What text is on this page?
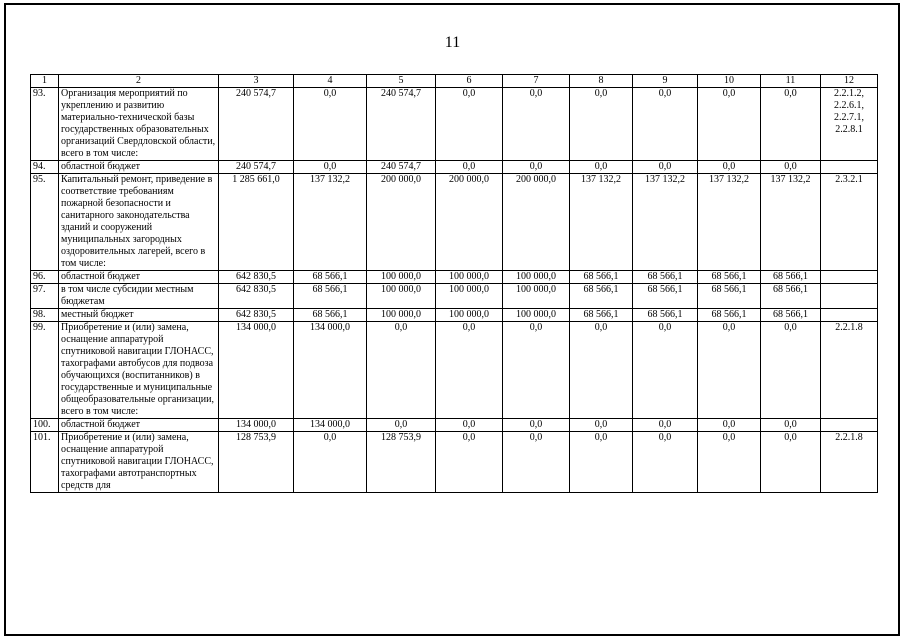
11
1	2	3	4	5	6	7	8	9	10	11	12
93.	Организация мероприятий по укреплению и развитию материально-технической базы государственных образовательных организаций Свердловской области, всего в том числе:	240 574,7	0,0	240 574,7	0,0	0,0	0,0	0,0	0,0	0,0	2.2.1.2,
2.2.6.1,
2.2.7.1,
2.2.8.1
94.	областной бюджет	240 574,7	0,0	240 574,7	0,0	0,0	0,0	0,0	0,0	0,0	
95.	Капитальный ремонт, приведение в соответствие требованиям пожарной безопасности и санитарного законодательства зданий и сооружений муниципальных загородных оздоровительных лагерей, всего в том числе:	1 285 661,0	137 132,2	200 000,0	200 000,0	200 000,0	137 132,2	137 132,2	137 132,2	137 132,2	2.3.2.1
96.	областной бюджет	642 830,5	68 566,1	100 000,0	100 000,0	100 000,0	68 566,1	68 566,1	68 566,1	68 566,1	
97.	в том числе субсидии местным бюджетам	642 830,5	68 566,1	100 000,0	100 000,0	100 000,0	68 566,1	68 566,1	68 566,1	68 566,1	
98.	местный бюджет	642 830,5	68 566,1	100 000,0	100 000,0	100 000,0	68 566,1	68 566,1	68 566,1	68 566,1	
99.	Приобретение и (или) замена, оснащение аппаратурой спутниковой навигации ГЛОНАСС, тахографами автобусов для подвоза обучающихся (воспитанников) в государственные и муниципальные общеобразовательные организации, всего в том числе:	134 000,0	134 000,0	0,0	0,0	0,0	0,0	0,0	0,0	0,0	2.2.1.8
100.	областной бюджет	134 000,0	134 000,0	0,0	0,0	0,0	0,0	0,0	0,0	0,0	
101.	Приобретение и (или) замена, оснащение аппаратурой спутниковой навигации ГЛОНАСС, тахографами автотранспортных средств для	128 753,9	0,0	128 753,9	0,0	0,0	0,0	0,0	0,0	0,0	2.2.1.8
